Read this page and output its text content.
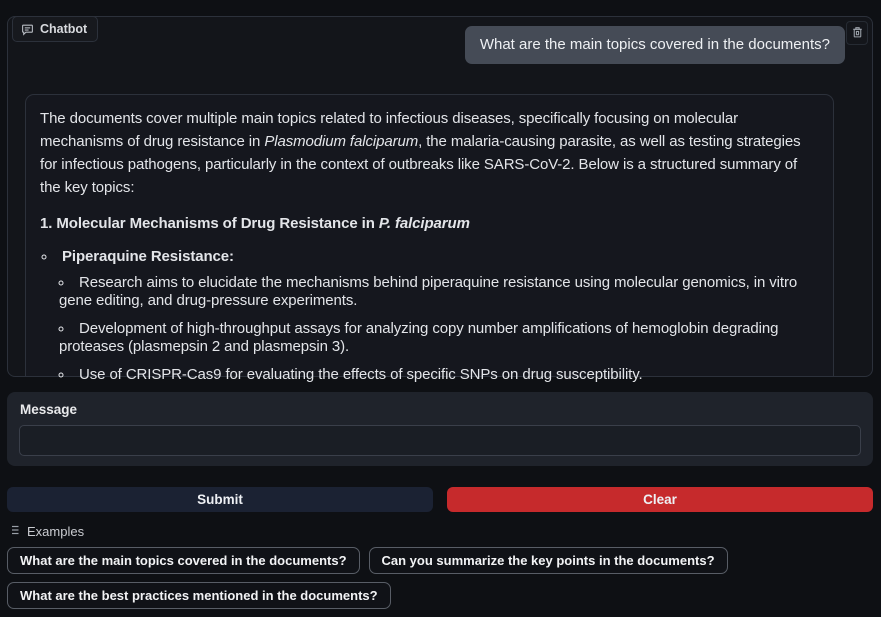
Chatbot
What are the main topics covered in the documents?

The documents cover multiple main topics related to infectious diseases, specifically focusing on molecular mechanisms of drug resistance in Plasmodium falciparum, the malaria-causing parasite, as well as testing strategies for infectious pathogens, particularly in the context of outbreaks like SARS-CoV-2. Below is a structured summary of the key topics:

1. Molecular Mechanisms of Drug Resistance in P. falciparum
◦ Piperaquine Resistance:
◦ Research aims to elucidate the mechanisms behind piperaquine resistance using molecular genomics, in vitro gene editing, and drug-pressure experiments.
◦ Development of high-throughput assays for analyzing copy number amplifications of hemoglobin degrading proteases (plasmepsin 2 and plasmepsin 3).
◦ Use of CRISPR-Cas9 for evaluating the effects of specific SNPs on drug susceptibility.
◦
Message
Submit	Clear
Examples
What are the main topics covered in the documents?	Can you summarize the key points in the documents?
What are the best practices mentioned in the documents?
